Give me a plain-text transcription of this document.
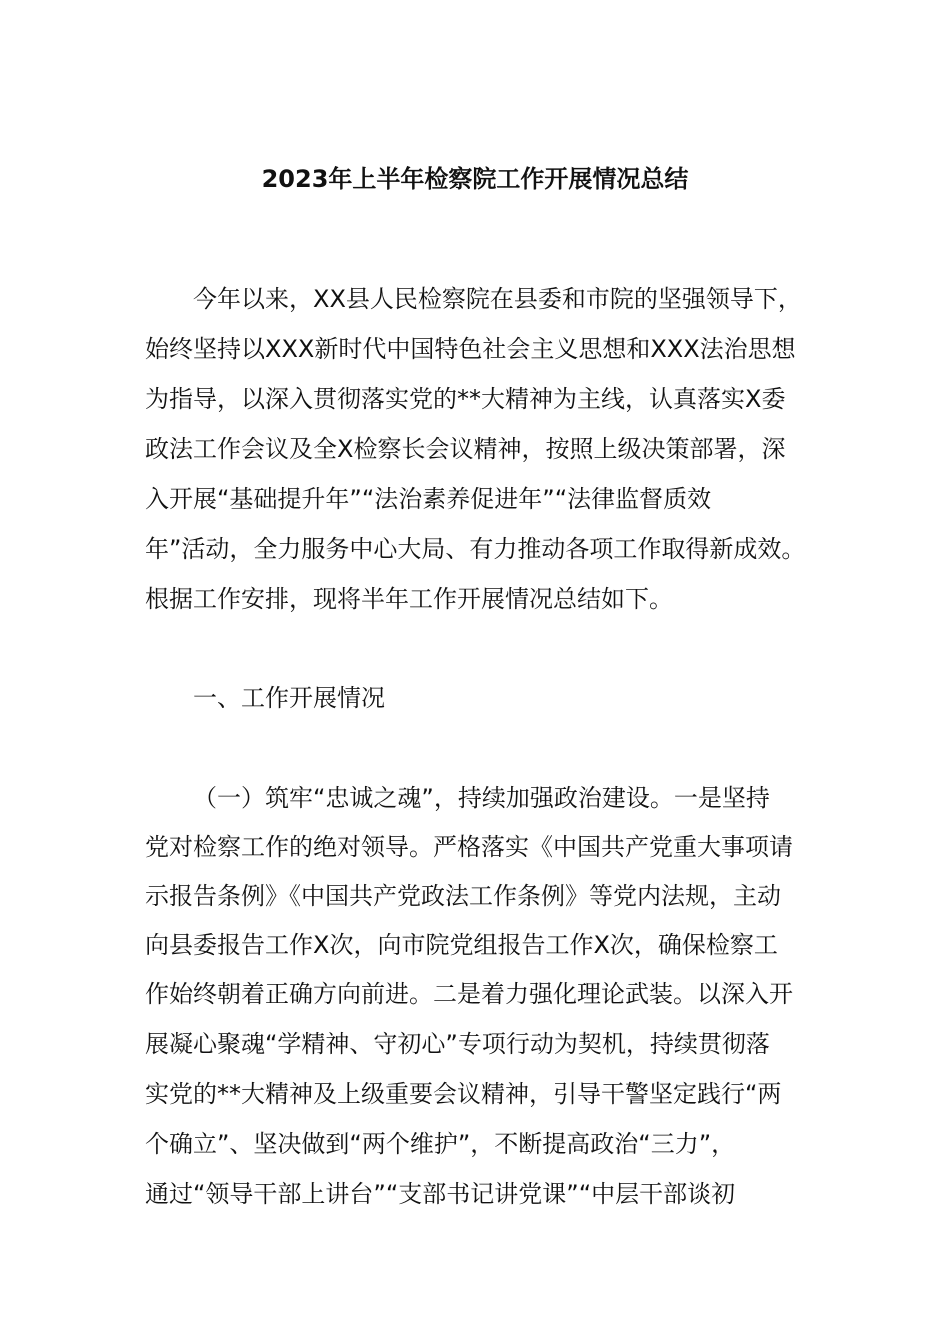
2023年上半年检察院工作开展情况总结
今年以来，XX县人民检察院在县委和市院的坚强领导下，
始终坚持以XXX新时代中国特色社会主义思想和XXX法治思想
为指导，以深入贯彻落实党的**大精神为主线，认真落实X委
政法工作会议及全X检察长会议精神，按照上级决策部署，深
入开展“基础提升年”“法治素养促进年”“法律监督质效
年”活动，全力服务中心大局、有力推动各项工作取得新成效。
根据工作安排，现将半年工作开展情况总结如下。
一、工作开展情况
（一）筑牢“忠诚之魂”，持续加强政治建设。一是坚持
党对检察工作的绝对领导。严格落实《中国共产党重大事项请
示报告条例》《中国共产党政法工作条例》等党内法规，主动
向县委报告工作X次，向市院党组报告工作X次，确保检察工
作始终朝着正确方向前进。二是着力强化理论武装。以深入开
展凝心聚魂“学精神、守初心”专项行动为契机，持续贯彻落
实党的**大精神及上级重要会议精神，引导干警坚定践行“两
个确立”、坚决做到“两个维护”，不断提高政治“三力”，
通过“领导干部上讲台”“支部书记讲党课”“中层干部谈初
